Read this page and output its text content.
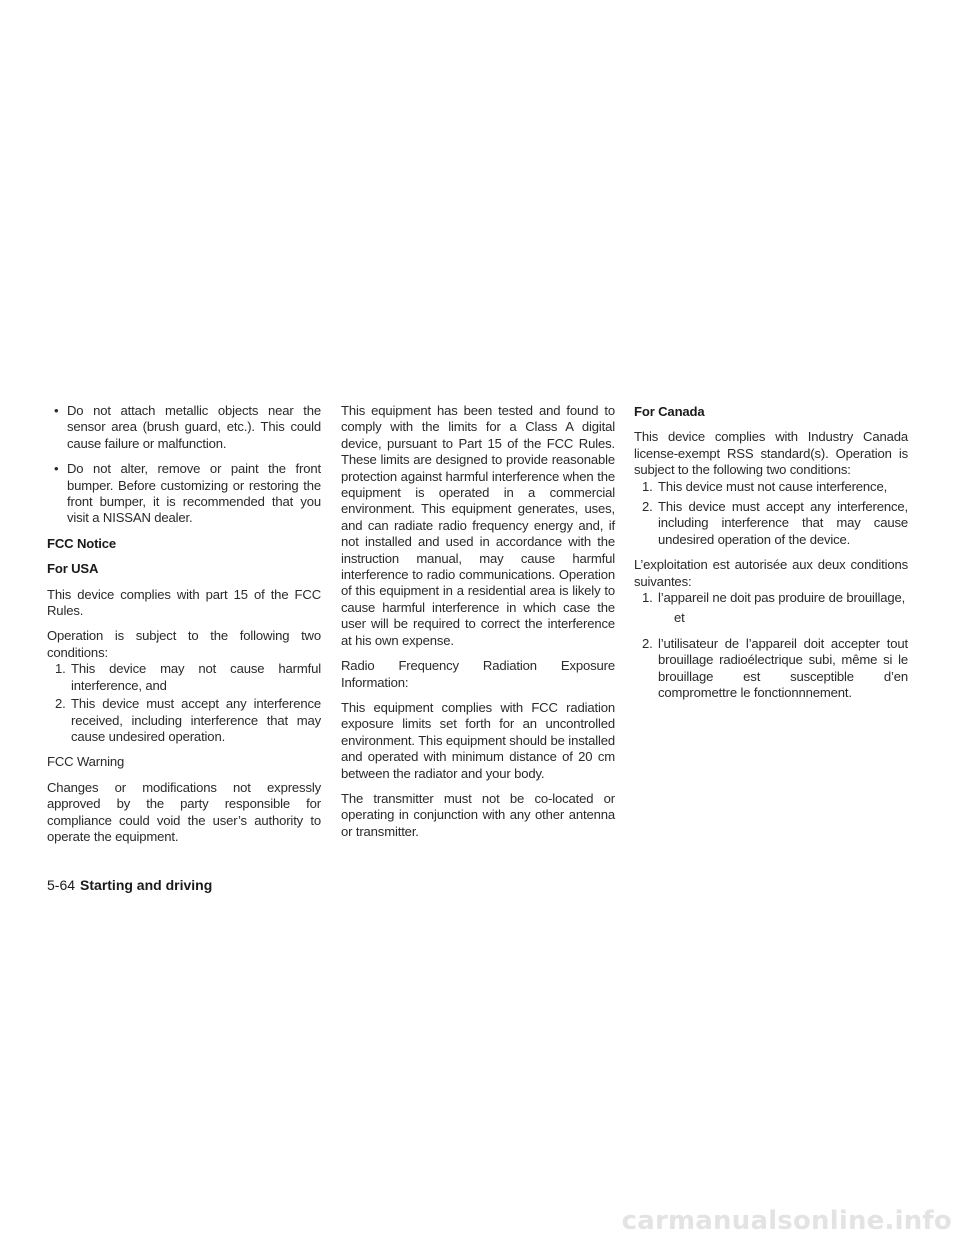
• Do not attach metallic objects near the sensor area (brush guard, etc.). This could cause failure or malfunction.
• Do not alter, remove or paint the front bumper. Before customizing or restoring the front bumper, it is recommended that you visit a NISSAN dealer.

FCC Notice

For USA

This device complies with part 15 of the FCC Rules.

Operation is subject to the following two conditions:

1. This device may not cause harmful interference, and
2. This device must accept any interference received, including interference that may cause undesired operation.

FCC Warning

Changes or modifications not expressly approved by the party responsible for compliance could void the user’s authority to operate the equipment.

This equipment has been tested and found to comply with the limits for a Class A digital device, pursuant to Part 15 of the FCC Rules. These limits are designed to provide reasonable protection against harmful interference when the equipment is operated in a commercial environment. This equipment generates, uses, and can radiate radio frequency energy and, if not installed and used in accordance with the instruction manual, may cause harmful interference to radio communications. Operation of this equipment in a residential area is likely to cause harmful interference in which case the user will be required to correct the interference at his own expense.

Radio Frequency Radiation Exposure Information:

This equipment complies with FCC radiation exposure limits set forth for an uncontrolled environment. This equipment should be installed and operated with minimum distance of 20 cm between the radiator and your body.

The transmitter must not be co-located or operating in conjunction with any other antenna or transmitter.

For Canada

This device complies with Industry Canada license-exempt RSS standard(s). Operation is subject to the following two conditions:

1. This device must not cause interference,
2. This device must accept any interference, including interference that may cause undesired operation of the device.

L’exploitation est autorisée aux deux conditions suivantes:

1. l’appareil ne doit pas produire de brouillage,

et

2. l’utilisateur de l’appareil doit accepter tout brouillage radioélectrique subi, même si le brouillage est susceptible d’en compromettre le fonctionnnement.
5-64 Starting and driving
carmanualsonline.info
